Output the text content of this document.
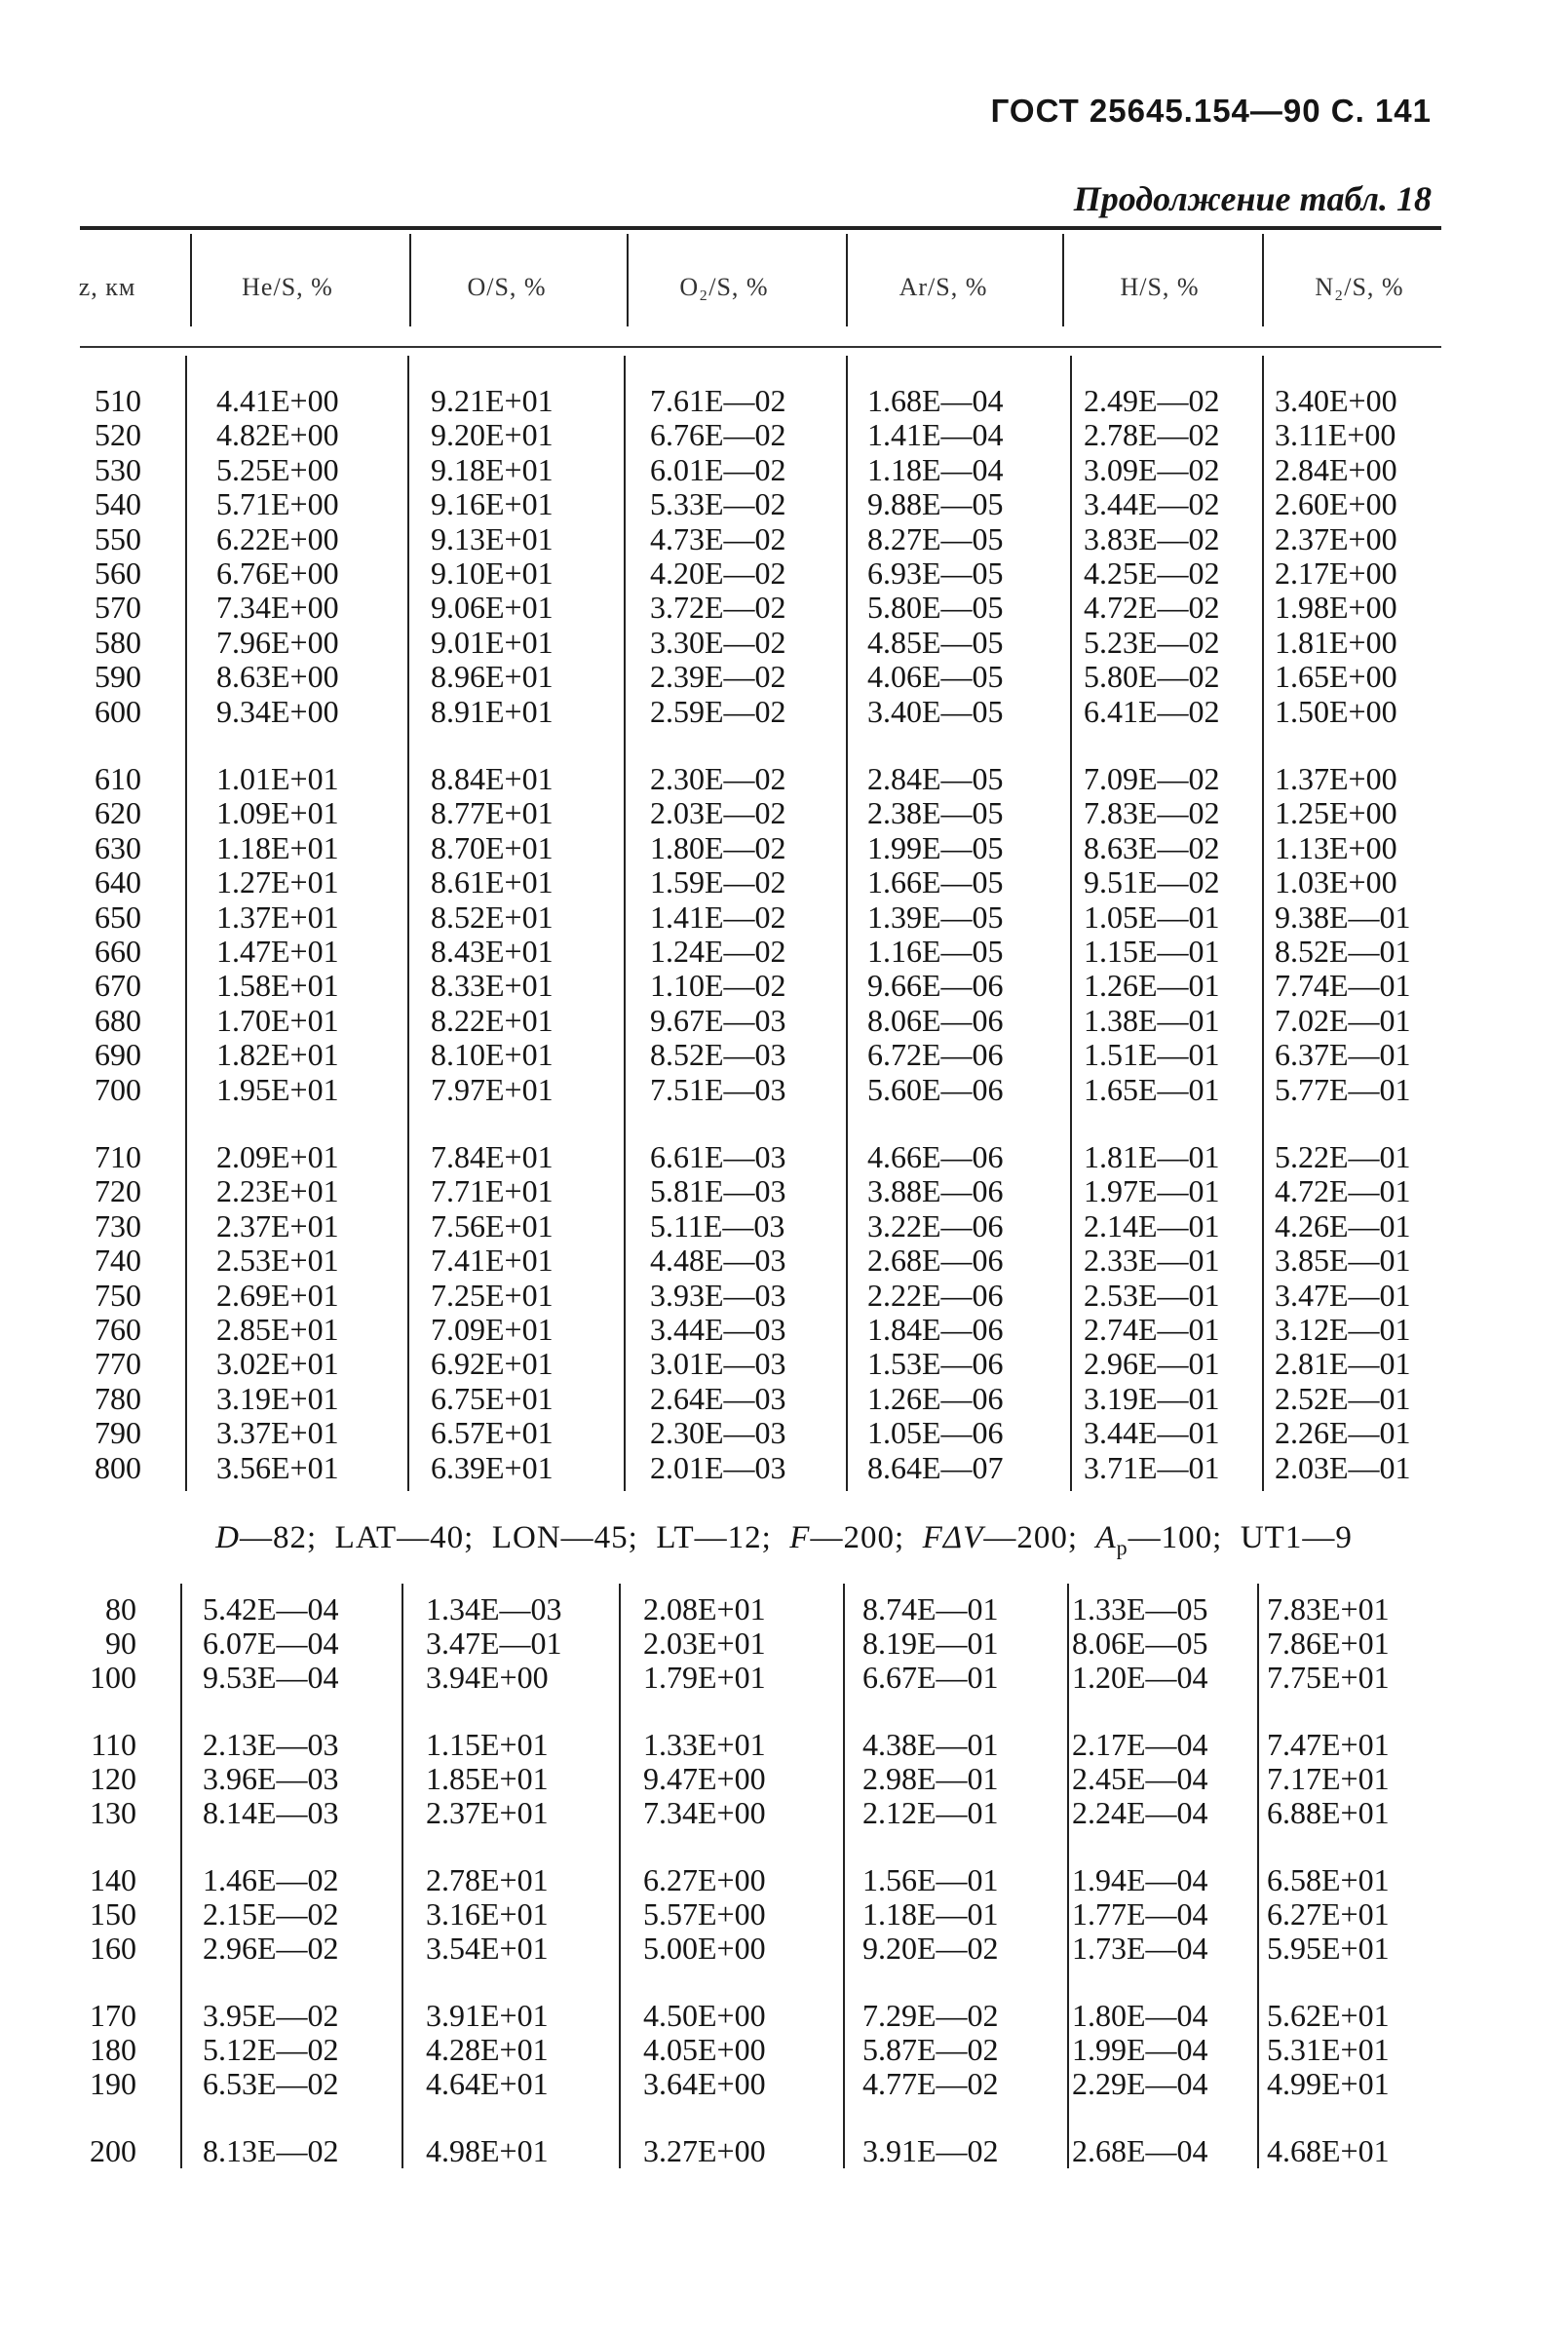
ГОСТ 25645.154—90 С. 141
Продолжение табл. 18
z, км	He/S, %	O/S, %	O₂/S, %	Ar/S, %	H/S, %	N₂/S, %
510 4.41E+00	9.21E+01	7.61E—02	1.68E—04	2.49E—02 3.40E+00
520 4.82E+00	9.20E+01	6.76E—02	1.41E—04	2.78E—02 3.11E+00
530 5.25E+00	9.18E+01	6.01E—02	1.18E—04	3.09E—02 2.84E+00
540 5.71E+00	9.16E+01	5.33E—02	9.88E—05	3.44E—02 2.60E+00
550 6.22E+00	9.13E+01	4.73E—02	8.27E—05	3.83E—02 2.37E+00
560 6.76E+00	9.10E+01	4.20E—02	6.93E—05	4.25E—02 2.17E+00
570 7.34E+00	9.06E+01	3.72E—02	5.80E—05	4.72E—02 1.98E+00
580 7.96E+00	9.01E+01	3.30E—02	4.85E—05	5.23E—02 1.81E+00
590 8.63E+00	8.96E+01	2.39E—02	4.06E—05	5.80E—02 1.65E+00
600 9.34E+00	8.91E+01	2.59E—02	3.40E—05	6.41E—02 1.50E+00
610 1.01E+01	8.84E+01	2.30E—02	2.84E—05	7.09E—02 1.37E+00
620 1.09E+01	8.77E+01	2.03E—02	2.38E—05	7.83E—02 1.25E+00
630 1.18E+01	8.70E+01	1.80E—02	1.99E—05	8.63E—02 1.13E+00
640 1.27E+01	8.61E+01	1.59E—02	1.66E—05	9.51E—02 1.03E+00
650 1.37E+01	8.52E+01	1.41E—02	1.39E—05	1.05E—01 9.38E—01
660 1.47E+01	8.43E+01	1.24E—02	1.16E—05	1.15E—01 8.52E—01
670 1.58E+01	8.33E+01	1.10E—02	9.66E—06	1.26E—01 7.74E—01
680 1.70E+01	8.22E+01	9.67E—03	8.06E—06	1.38E—01 7.02E—01
690 1.82E+01	8.10E+01	8.52E—03	6.72E—06	1.51E—01 6.37E—01
700 1.95E+01	7.97E+01	7.51E—03	5.60E—06	1.65E—01 5.77E—01
710 2.09E+01	7.84E+01	6.61E—03	4.66E—06	1.81E—01 5.22E—01
720 2.23E+01	7.71E+01	5.81E—03	3.88E—06	1.97E—01 4.72E—01
730 2.37E+01	7.56E+01	5.11E—03	3.22E—06	2.14E—01 4.26E—01
740 2.53E+01	7.41E+01	4.48E—03	2.68E—06	2.33E—01 3.85E—01
750 2.69E+01	7.25E+01	3.93E—03	2.22E—06	2.53E—01 3.47E—01
760 2.85E+01	7.09E+01	3.44E—03	1.84E—06	2.74E—01 3.12E—01
770 3.02E+01	6.92E+01	3.01E—03	1.53E—06	2.96E—01 2.81E—01
780 3.19E+01	6.75E+01	2.64E—03	1.26E—06	3.19E—01 2.52E—01
790 3.37E+01	6.57E+01	2.30E—03	1.05E—06	3.44E—01 2.26E—01
800 3.56E+01	6.39E+01	2.01E—03	8.64E—07	3.71E—01 2.03E—01
D—82; LAT—40; LON—45; LT—12; F—200; FΔV—200; $A_p—100$; UT1—9
80 5.42E—04	1.34E—03	2.08E+01	8.74E—01 1.33E—05 7.83E+01
90 6.07E—04	3.47E—01	2.03E+01	8.19E—01 8.06E—05 7.86E+01
100 9.53E—04	3.94E+00	1.79E+01	6.67E—01 1.20E—04 7.75E+01
110 2.13E—03	1.15E+01	1.33E+01	4.38E—01 2.17E—04 7.47E+01
120 3.96E—03	1.85E+01	9.47E+00	2.98E—01 2.45E—04 7.17E+01
130 8.14E—03	2.37E+01	7.34E+00	2.12E—01 2.24E—04 6.88E+01
140 1.46E—02	2.78E+01	6.27E+00	1.56E—01 1.94E—04 6.58E+01
150 2.15E—02	3.16E+01	5.57E+00	1.18E—01 1.77E—04 6.27E+01
160 2.96E—02	3.54E+01	5.00E+00	9.20E—02 1.73E—04 5.95E+01
170 3.95E—02	3.91E+01	4.50E+00	7.29E—02 1.80E—04 5.62E+01
180 5.12E—02	4.28E+01	4.05E+00	5.87E—02 1.99E—04 5.31E+01
190 6.53E—02	4.64E+01	3.64E+00	4.77E—02 2.29E—04 4.99E+01
200 8.13E—02	4.98E+01	3.27E+00	3.91E—02 2.68E—04 4.68E+01
